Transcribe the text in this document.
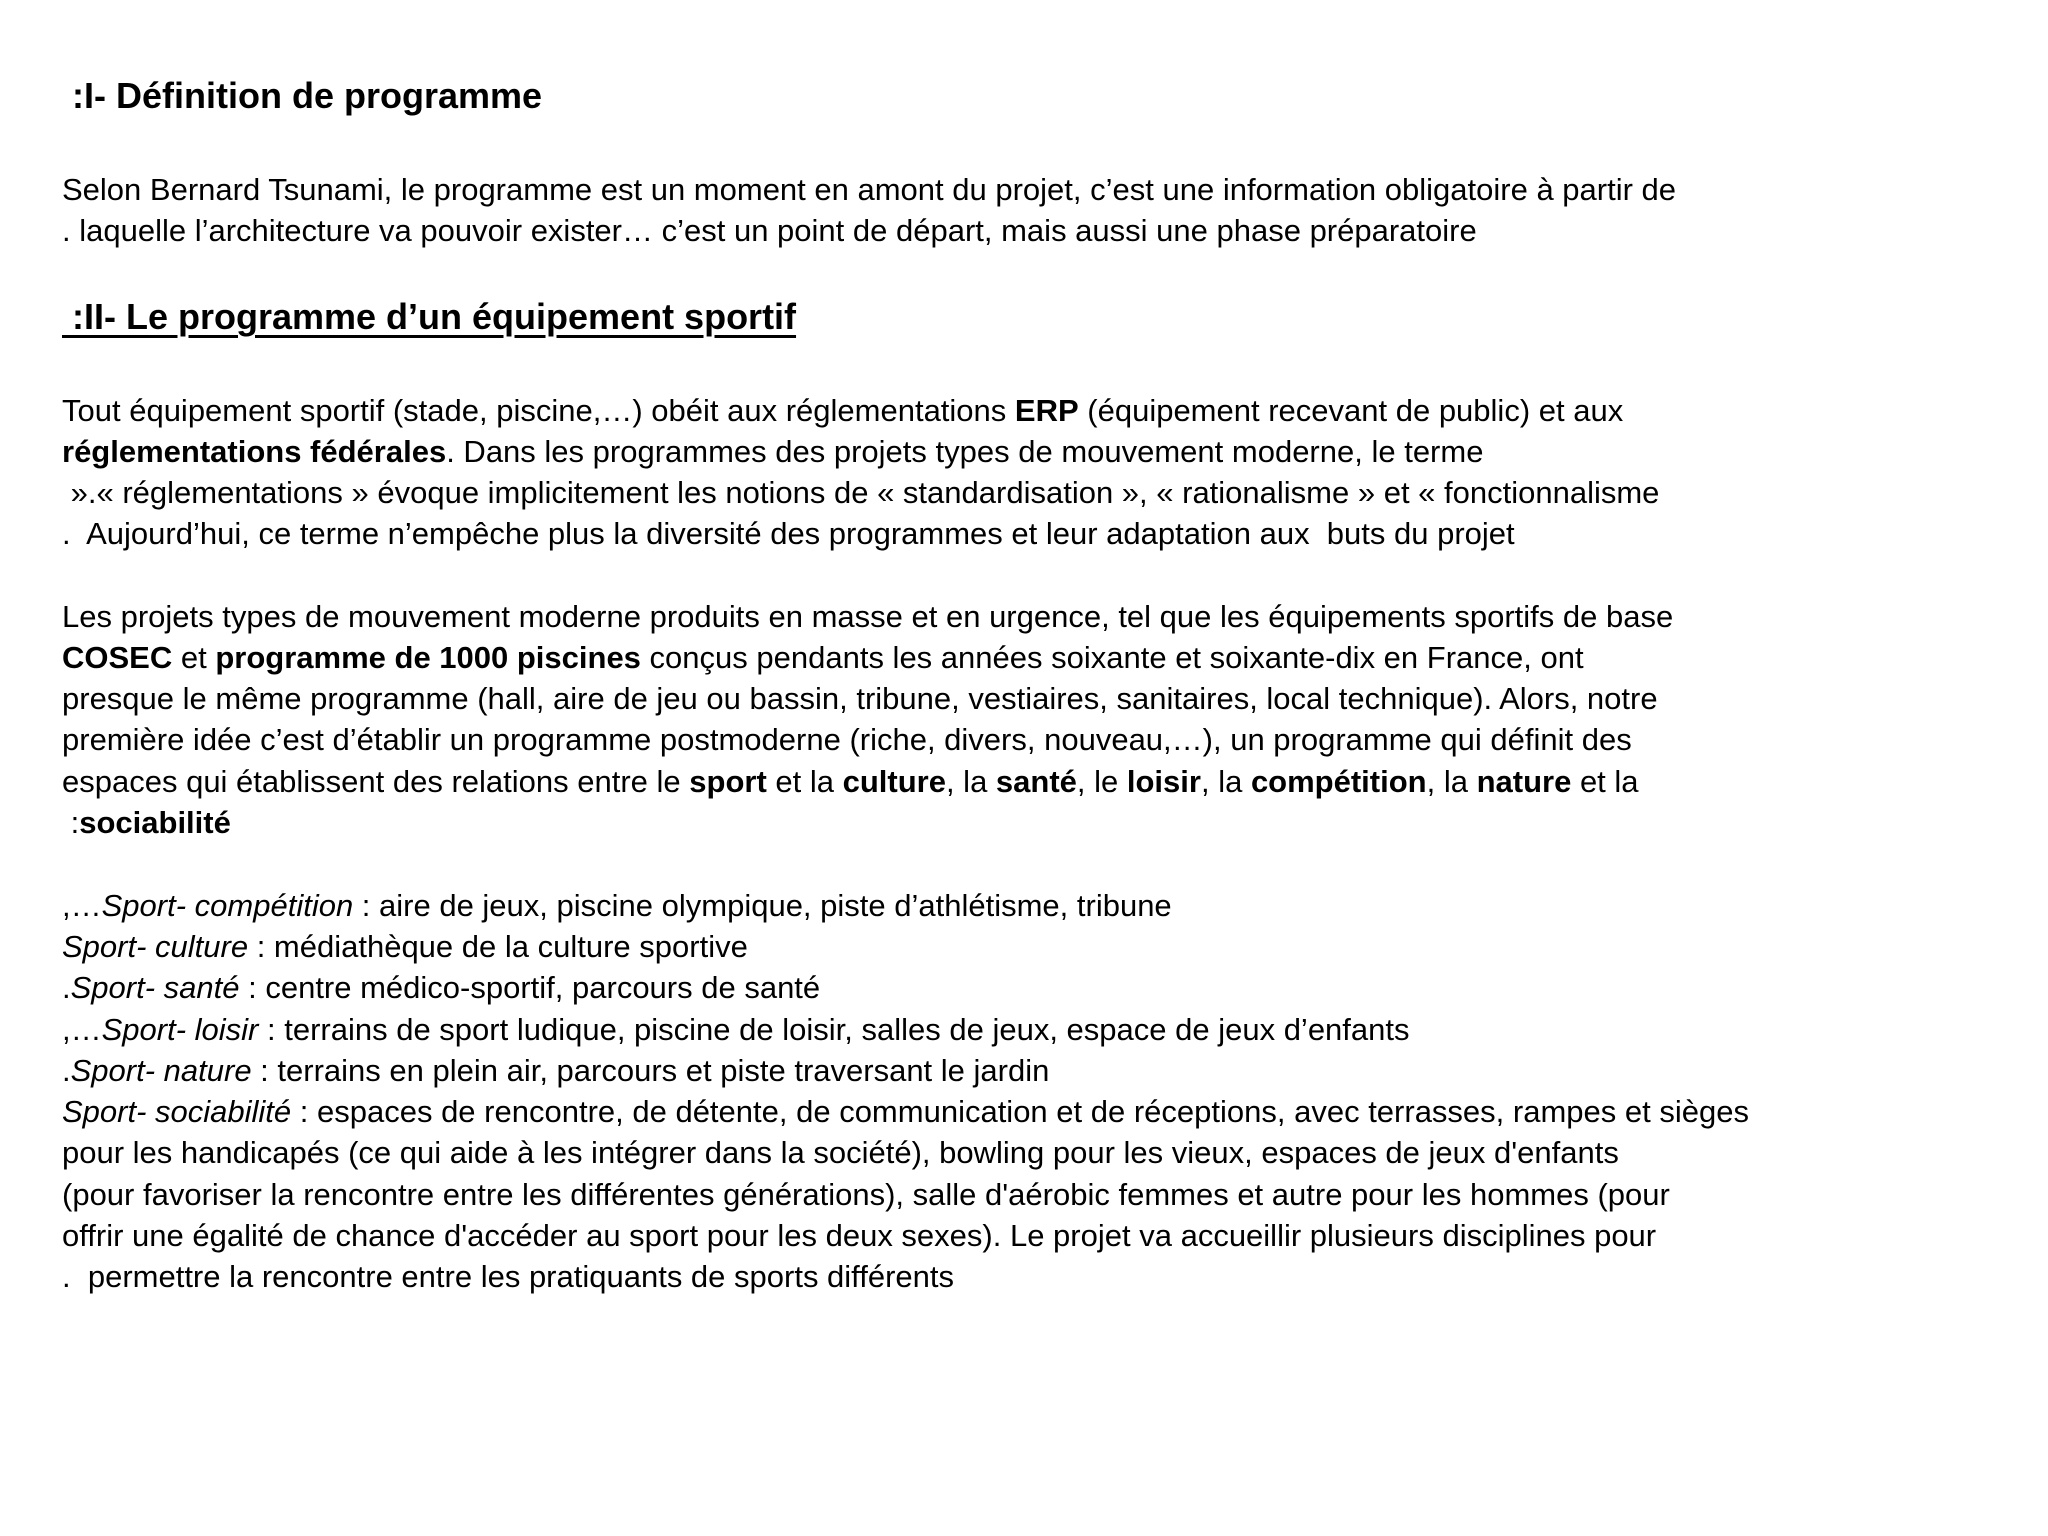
:I- Définition de programme
Selon Bernard Tsunami, le programme est un moment en amont du projet, c’est une information obligatoire à partir de
. laquelle l’architecture va pouvoir exister… c’est un point de départ, mais aussi une phase préparatoire
:II- Le programme d’un équipement sportif
Tout équipement sportif (stade, piscine,…) obéit aux réglementations ERP (équipement recevant de public) et aux
réglementations fédérales. Dans les programmes des projets types de mouvement moderne, le terme
».« réglementations » évoque implicitement les notions de « standardisation », « rationalisme » et « fonctionnalisme
.  Aujourd’hui, ce terme n’empêche plus la diversité des programmes et leur adaptation aux  buts du projet
Les projets types de mouvement moderne produits en masse et en urgence, tel que les équipements sportifs de base
COSEC et programme de 1000 piscines conçus pendants les années soixante et soixante-dix en France, ont
presque le même programme (hall, aire de jeu ou bassin, tribune, vestiaires, sanitaires, local technique). Alors, notre
première idée c’est d’établir un programme postmoderne (riche, divers, nouveau,…), un programme qui définit des
espaces qui établissent des relations entre le sport et la culture, la santé, le loisir, la compétition, la nature et la
:sociabilité
,…Sport- compétition : aire de jeux, piscine olympique, piste d’athlétisme, tribune
Sport- culture : médiathèque de la culture sportive
.Sport- santé : centre médico-sportif, parcours de santé
,…Sport- loisir : terrains de sport ludique, piscine de loisir, salles de jeux, espace de jeux d’enfants
.Sport- nature : terrains en plein air, parcours et piste traversant le jardin
Sport- sociabilité : espaces de rencontre, de détente, de communication et de réceptions, avec terrasses, rampes et sièges
pour les handicapés (ce qui aide à les intégrer dans la société), bowling pour les vieux, espaces de jeux d'enfants
(pour favoriser la rencontre entre les différentes générations), salle d'aérobic femmes et autre pour les hommes (pour
offrir une égalité de chance d'accéder au sport pour les deux sexes). Le projet va accueillir plusieurs disciplines pour
.  permettre la rencontre entre les pratiquants de sports différents
